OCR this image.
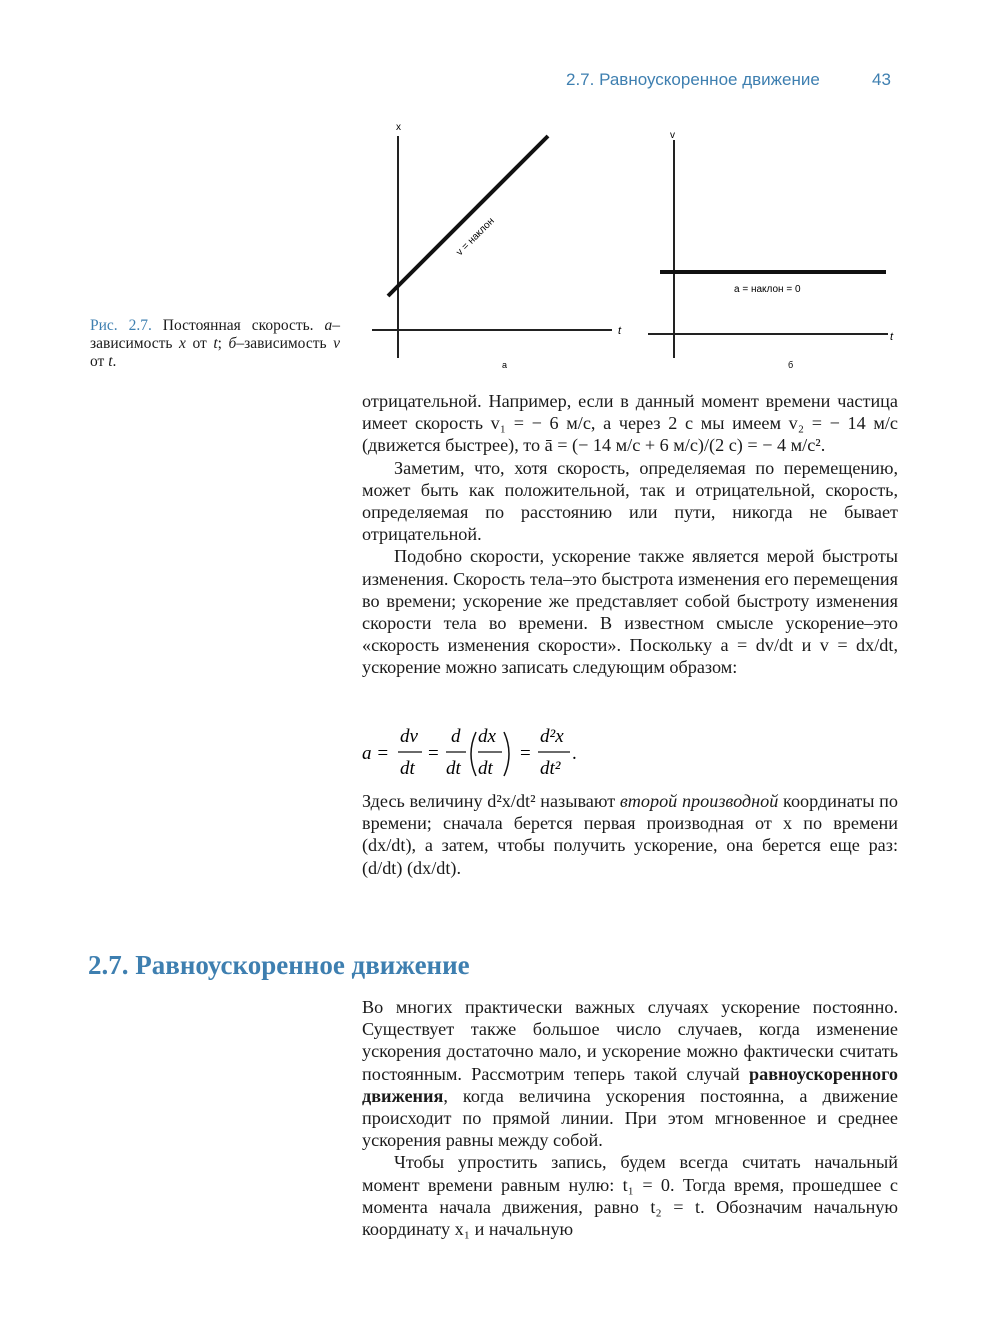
2.7. Равноускоренное движение	43
x
t
v = наклон
а
v
t
a = наклон = 0
б
Рис. 2.7. Постоянная скорость. а–зависимость x от t; б–зависимость v от t.

отрицательной. Например, если в данный момент времени частица имеет скорость v₁ = − 6 м/с, а через 2 с мы имеем v₂ = − 14 м/с (движется быстрее), то ā = (− 14 м/с + 6 м/с)/(2 с) = − 4 м/с².

Заметим, что, хотя скорость, определяемая по перемещению, может быть как положительной, так и отрицательной, скорость, определяемая по расстоянию или пути, никогда не бывает отрицательной.

Подобно скорости, ускорение также является мерой быстроты изменения. Скорость тела–это быстрота изменения его перемещения во времени; ускорение же представляет собой быстроту изменения скорости тела во времени. В известном смысле ускорение–это «скорость изменения скорости». Поскольку a = dv/dt и v = dx/dt, ускорение можно записать следующим образом:

a =
dv
dt
=
d
dt
dx
dt
=
d²x
dt²
.

Здесь величину d²x/dt² называют второй производной координаты по времени; сначала берется первая производная от x по времени (dx/dt), а затем, чтобы получить ускорение, она берется еще раз: (d/dt) (dx/dt).

2.7. Равноускоренное движение

Во многих практически важных случаях ускорение постоянно. Существует также большое число случаев, когда изменение ускорения достаточно мало, и ускорение можно фактически считать постоянным. Рассмотрим теперь такой случай равноускоренного движения, когда величина ускорения постоянна, а движение происходит по прямой линии. При этом мгновенное и среднее ускорения равны между собой.

Чтобы упростить запись, будем всегда считать начальный момент времени равным нулю: t₁ = 0. Тогда время, прошедшее с момента начала движения, равно t₂ = t. Обозначим начальную координату x₁ и начальную
